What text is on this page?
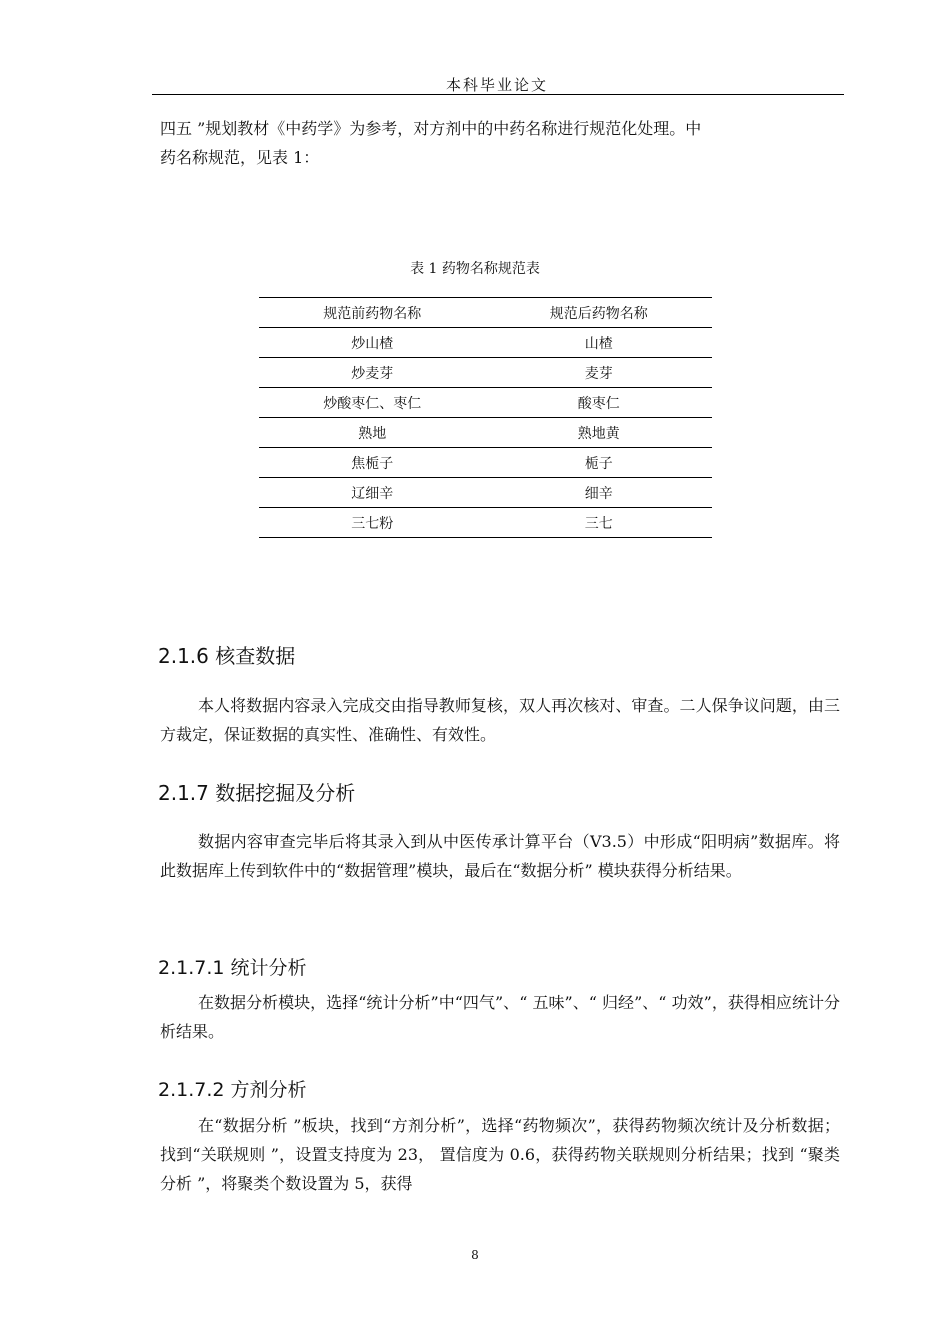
本科毕业论文
四五 ”规划教材《中药学》为参考，对方剂中的中药名称进行规范化处理。中
药名称规范，见表 1：
表 1 药物名称规范表
规范前药物名称	规范后药物名称
炒山楂	山楂
炒麦芽	麦芽
炒酸枣仁、枣仁	酸枣仁
熟地	熟地黄
焦栀子	栀子
辽细辛	细辛
三七粉	三七
2.1.6 核查数据
本人将数据内容录入完成交由指导教师复核，双人再次核对、审查。二人保争议问题，由三方裁定，保证数据的真实性、准确性、有效性。
2.1.7 数据挖掘及分析
数据内容审查完毕后将其录入到从中医传承计算平台（V3.5）中形成“阳明病”数据库。将此数据库上传到软件中的“数据管理”模块，最后在“数据分析” 模块获得分析结果。
2.1.7.1 统计分析
在数据分析模块，选择“统计分析”中“四气”、“ 五味”、“ 归经”、“ 功效”，获得相应统计分析结果。
2.1.7.2 方剂分析
在“数据分析 ”板块，找到“方剂分析”，选择“药物频次”，获得药物频次统计及分析数据；找到“关联规则 ”，设置支持度为 23， 置信度为 0.6，获得药物关联规则分析结果；找到 “聚类分析 ”，将聚类个数设置为 5，获得
8
